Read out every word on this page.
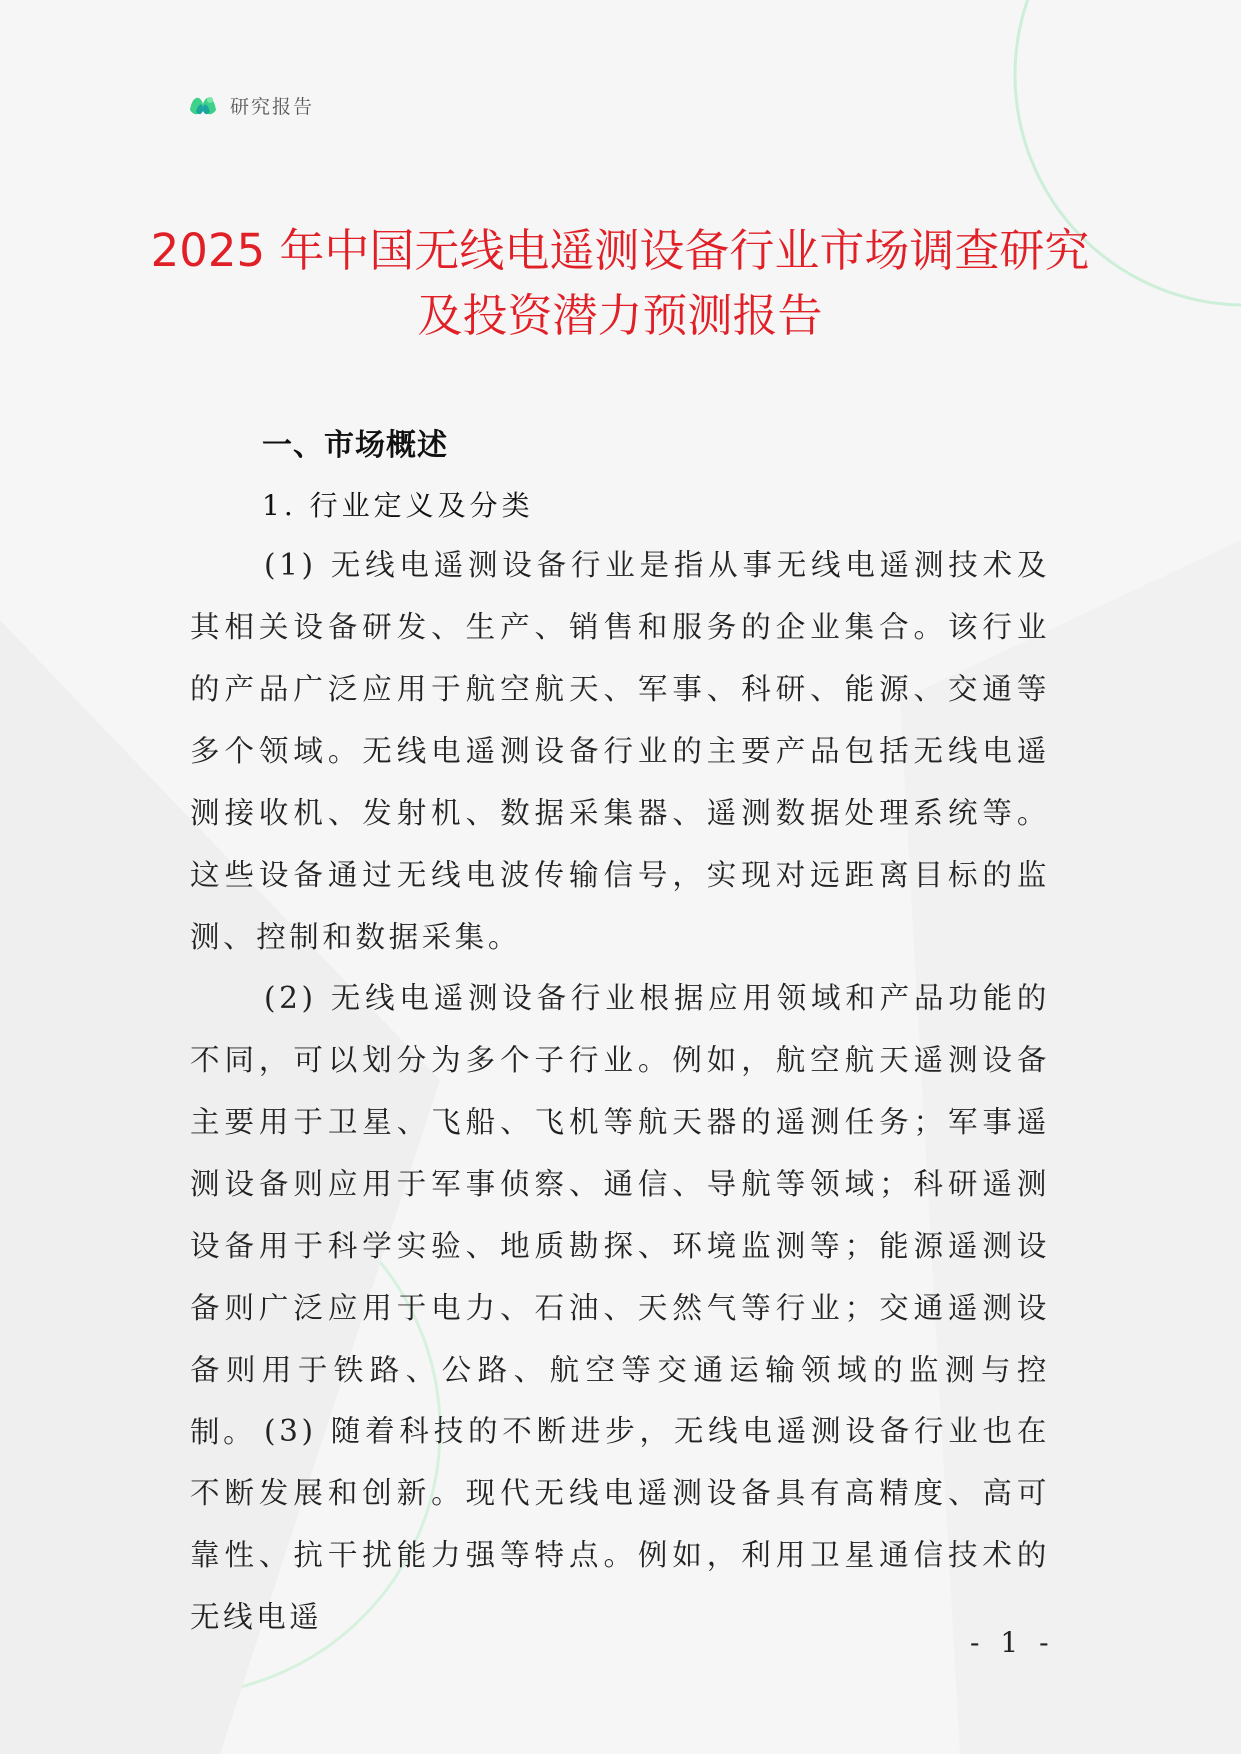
研究报告
2025 年中国无线电遥测设备行业市场调查研究及投资潜力预测报告
一、市场概述
1. 行业定义及分类
(1) 无线电遥测设备行业是指从事无线电遥测技术及其相关设备研发、生产、销售和服务的企业集合。该行业的产品广泛应用于航空航天、军事、科研、能源、交通等多个领域。无线电遥测设备行业的主要产品包括无线电遥测接收机、发射机、数据采集器、遥测数据处理系统等。这些设备通过无线电波传输信号，实现对远距离目标的监测、控制和数据采集。
(2) 无线电遥测设备行业根据应用领域和产品功能的不同，可以划分为多个子行业。例如，航空航天遥测设备主要用于卫星、飞船、飞机等航天器的遥测任务；军事遥测设备则应用于军事侦察、通信、导航等领域；科研遥测设备用于科学实验、地质勘探、环境监测等；能源遥测设备则广泛应用于电力、石油、天然气等行业；交通遥测设备则用于铁路、公路、航空等交通运输领域的监测与控制。 (3) 随着科技的不断进步，无线电遥测设备行业也在不断发展和创新。现代无线电遥测设备具有高精度、高可靠性、抗干扰能力强等特点。例如，利用卫星通信技术的无线电遥
- 1 -
